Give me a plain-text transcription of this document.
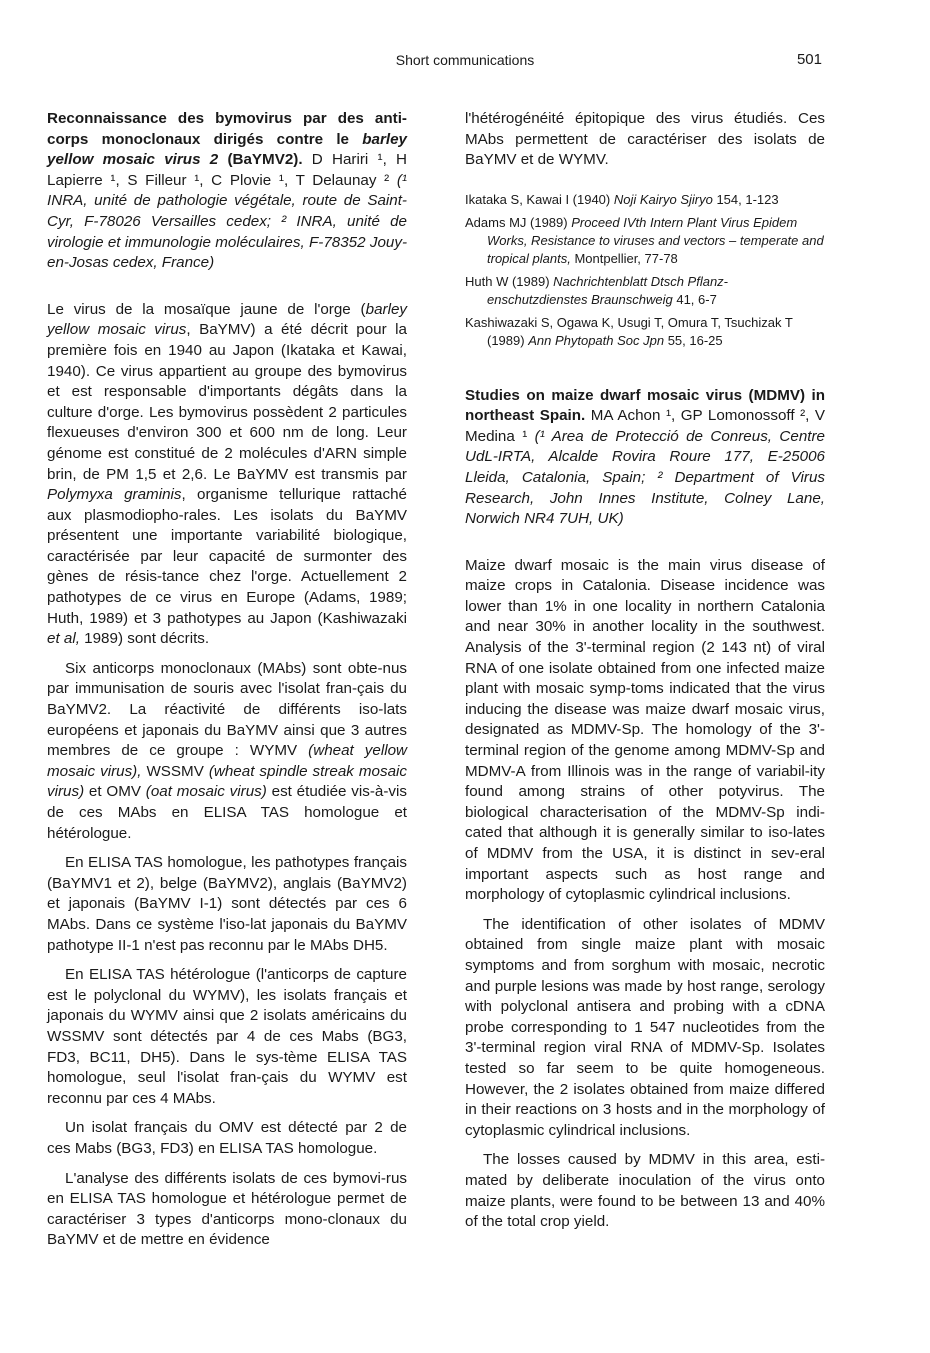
Short communications	501

Reconnaissance des bymovirus par des anti-corps monoclonaux dirigés contre le barley yellow mosaic virus 2 (BaYMV2). D Hariri ¹, H Lapierre ¹, S Filleur ¹, C Plovie ¹, T Delaunay ² (¹ INRA, unité de pathologie végétale, route de Saint-Cyr, F-78026 Versailles cedex; ² INRA, unité de virologie et immunologie moléculaires, F-78352 Jouy-en-Josas cedex, France)

Le virus de la mosaïque jaune de l'orge (barley yellow mosaic virus, BaYMV) a été décrit pour la première fois en 1940 au Japon (Ikataka et Kawai, 1940). Ce virus appartient au groupe des bymovirus et est responsable d'importants dégâts dans la culture d'orge. Les bymovirus possèdent 2 particules flexueuses d'environ 300 et 600 nm de long. Leur génome est constitué de 2 molécules d'ARN simple brin, de PM 1,5 et 2,6. Le BaYMV est transmis par Polymyxa graminis, organisme tellurique rattaché aux plasmodiopho-rales. Les isolats du BaYMV présentent une importante variabilité biologique, caractérisée par leur capacité de surmonter des gènes de résis-tance chez l'orge. Actuellement 2 pathotypes de ce virus en Europe (Adams, 1989; Huth, 1989) et 3 pathotypes au Japon (Kashiwazaki et al, 1989) sont décrits.

Six anticorps monoclonaux (MAbs) sont obte-nus par immunisation de souris avec l'isolat fran-çais du BaYMV2. La réactivité de différents iso-lats européens et japonais du BaYMV ainsi que 3 autres membres de ce groupe : WYMV (wheat yellow mosaic virus), WSSMV (wheat spindle streak mosaic virus) et OMV (oat mosaic virus) est étudiée vis-à-vis de ces MAbs en ELISA TAS homologue et hétérologue.

En ELISA TAS homologue, les pathotypes français (BaYMV1 et 2), belge (BaYMV2), anglais (BaYMV2) et japonais (BaYMV I-1) sont détectés par ces 6 MAbs. Dans ce système l'iso-lat japonais du BaYMV pathotype II-1 n'est pas reconnu par le MAbs DH5.

En ELISA TAS hétérologue (l'anticorps de capture est le polyclonal du WYMV), les isolats français et japonais du WYMV ainsi que 2 isolats américains du WSSMV sont détectés par 4 de ces Mabs (BG3, FD3, BC11, DH5). Dans le sys-tème ELISA TAS homologue, seul l'isolat fran-çais du WYMV est reconnu par ces 4 MAbs.

Un isolat français du OMV est détecté par 2 de ces Mabs (BG3, FD3) en ELISA TAS homologue.

L'analyse des différents isolats de ces bymovi-rus en ELISA TAS homologue et hétérologue permet de caractériser 3 types d'anticorps mono-clonaux du BaYMV et de mettre en évidence

l'hétérogénéité épitopique des virus étudiés. Ces MAbs permettent de caractériser des isolats de BaYMV et de WYMV.

Ikataka S, Kawai I (1940) Noji Kairyo Sjiryo 154, 1-123

Adams MJ (1989) Proceed IVth Intern Plant Virus Epidem Works, Resistance to viruses and vectors – temperate and tropical plants, Montpellier, 77-78

Huth W (1989) Nachrichtenblatt Dtsch Pflanz-enschutzdienstes Braunschweig 41, 6-7

Kashiwazaki S, Ogawa K, Usugi T, Omura T, Tsuchizak T (1989) Ann Phytopath Soc Jpn 55, 16-25

Studies on maize dwarf mosaic virus (MDMV) in northeast Spain. MA Achon ¹, GP Lomonossoff ², V Medina ¹ (¹ Area de Protecció de Conreus, Centre UdL-IRTA, Alcalde Rovira Roure 177, E-25006 Lleida, Catalonia, Spain; ² Department of Virus Research, John Innes Institute, Colney Lane, Norwich NR4 7UH, UK)

Maize dwarf mosaic is the main virus disease of maize crops in Catalonia. Disease incidence was lower than 1% in one locality in northern Catalonia and near 30% in another locality in the southwest. Analysis of the 3'-terminal region (2 143 nt) of viral RNA of one isolate obtained from one infected maize plant with mosaic symp-toms indicated that the virus inducing the disease was maize dwarf mosaic virus, designated as MDMV-Sp. The homology of the 3'-terminal region of the genome among MDMV-Sp and MDMV-A from Illinois was in the range of variabil-ity found among strains of other potyvirus. The biological characterisation of the MDMV-Sp indi-cated that although it is generally similar to iso-lates of MDMV from the USA, it is distinct in sev-eral important aspects such as host range and morphology of cytoplasmic cylindrical inclusions.

The identification of other isolates of MDMV obtained from single maize plant with mosaic symptoms and from sorghum with mosaic, necrotic and purple lesions was made by host range, serology with polyclonal antisera and probing with a cDNA probe corresponding to 1 547 nucleotides from the 3'-terminal region viral RNA of MDMV-Sp. Isolates tested so far seem to be quite homogeneous. However, the 2 isolates obtained from maize differed in their reactions on 3 hosts and in the morphology of cytoplasmic cylindrical inclusions.

The losses caused by MDMV in this area, esti-mated by deliberate inoculation of the virus onto maize plants, were found to be between 13 and 40% of the total crop yield.
